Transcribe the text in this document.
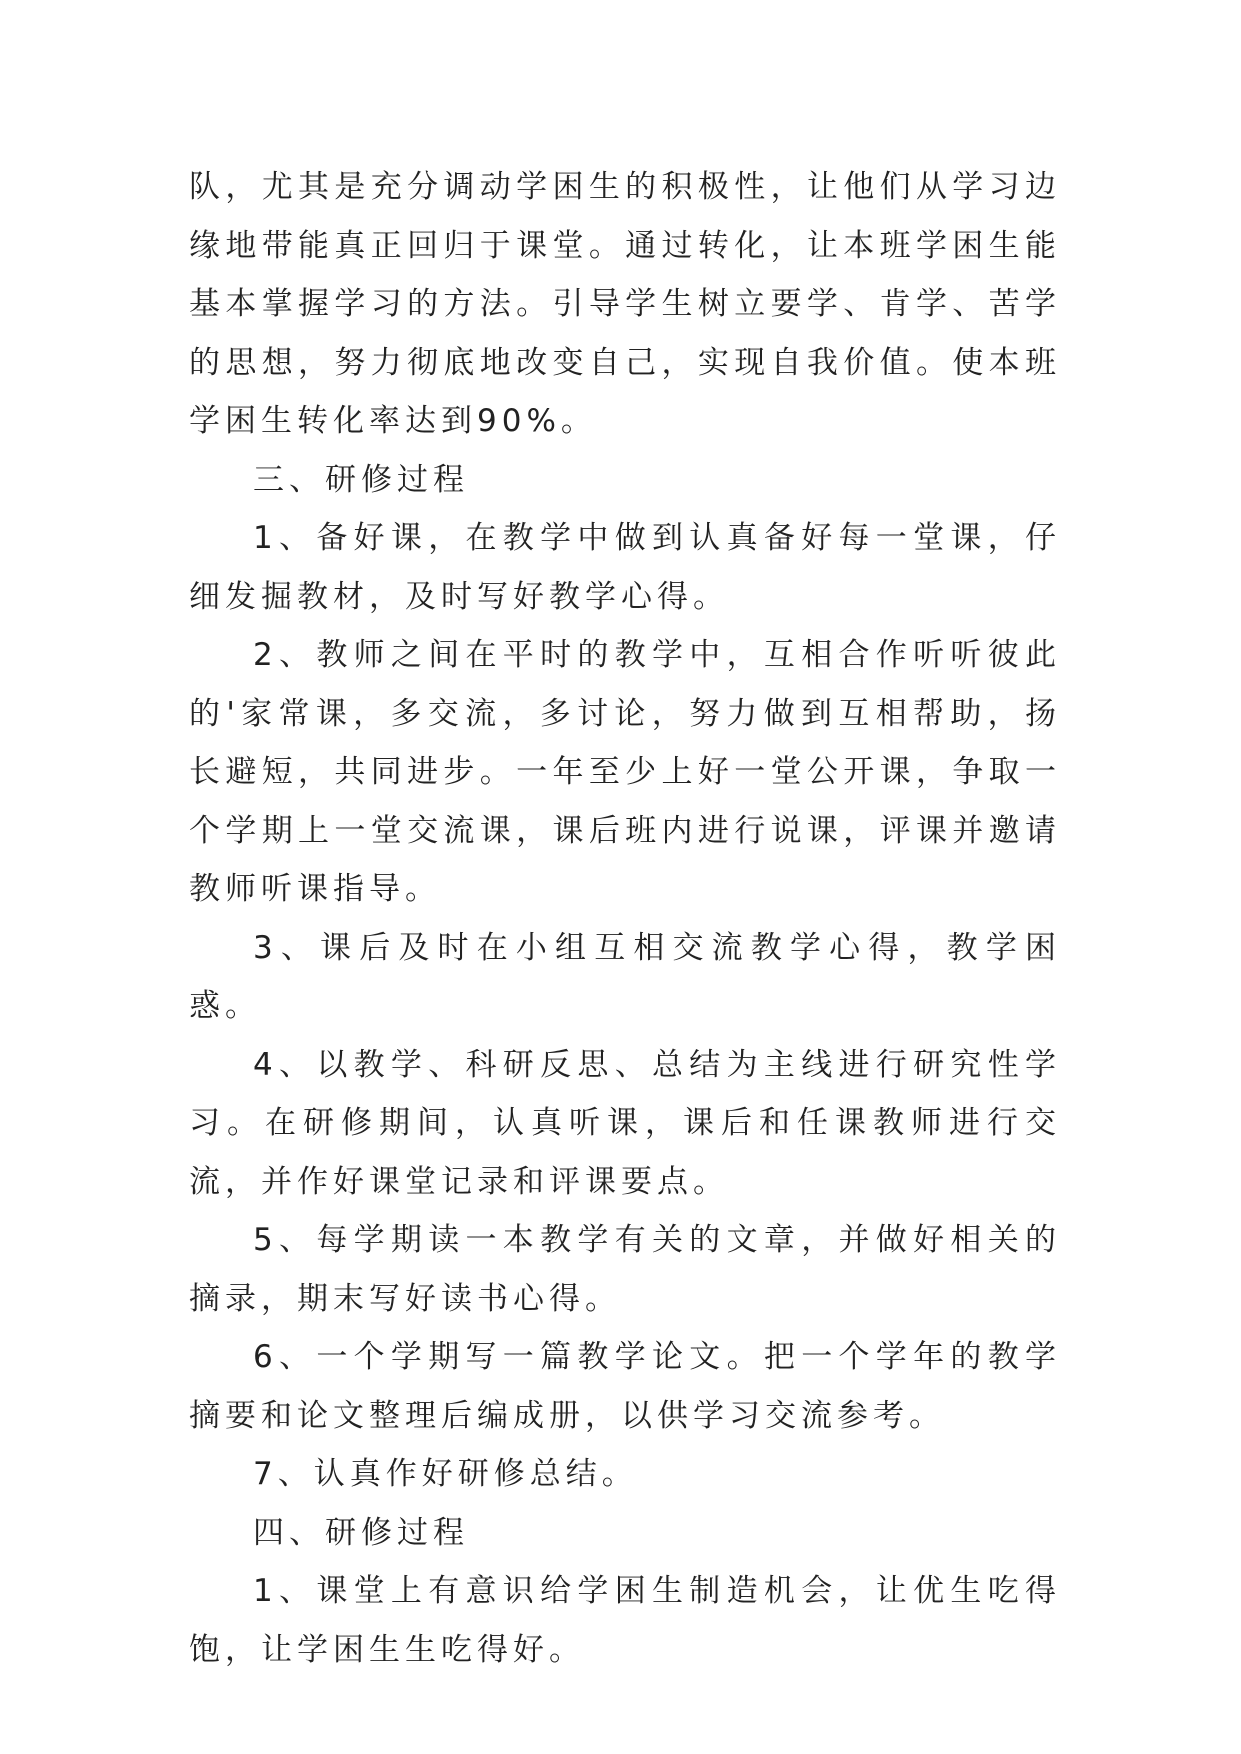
队，尤其是充分调动学困生的积极性，让他们从学习边缘地带能真正回归于课堂。通过转化，让本班学困生能基本掌握学习的方法。引导学生树立要学、肯学、苦学的思想，努力彻底地改变自己，实现自我价值。使本班学困生转化率达到90%。

三、研修过程

1、备好课，在教学中做到认真备好每一堂课，仔细发掘教材，及时写好教学心得。

2、教师之间在平时的教学中，互相合作听听彼此的'家常课，多交流，多讨论，努力做到互相帮助，扬长避短，共同进步。一年至少上好一堂公开课，争取一个学期上一堂交流课，课后班内进行说课，评课并邀请教师听课指导。

3、课后及时在小组互相交流教学心得，教学困惑。

4、以教学、科研反思、总结为主线进行研究性学习。在研修期间，认真听课，课后和任课教师进行交流，并作好课堂记录和评课要点。

5、每学期读一本教学有关的文章，并做好相关的摘录，期末写好读书心得。

6、一个学期写一篇教学论文。把一个学年的教学摘要和论文整理后编成册，以供学习交流参考。

7、认真作好研修总结。

四、研修过程

1、课堂上有意识给学困生制造机会，让优生吃得饱，让学困生生吃得好。
